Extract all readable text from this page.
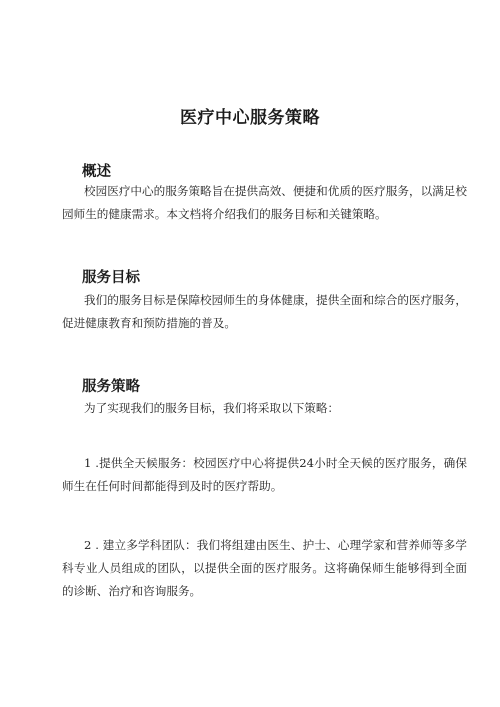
医疗中心服务策略
概述

校园医疗中心的服务策略旨在提供高效、便捷和优质的医疗服务，以满足校园师生的健康需求。本文档将介绍我们的服务目标和关键策略。

服务目标

我们的服务目标是保障校园师生的身体健康，提供全面和综合的医疗服务，促进健康教育和预防措施的普及。

服务策略

为了实现我们的服务目标，我们将采取以下策略：

1 .提供全天候服务：校园医疗中心将提供24小时全天候的医疗服务，确保师生在任何时间都能得到及时的医疗帮助。

2 . 建立多学科团队：我们将组建由医生、护士、心理学家和营养师等多学科专业人员组成的团队，以提供全面的医疗服务。这将确保师生能够得到全面的诊断、治疗和咨询服务。
